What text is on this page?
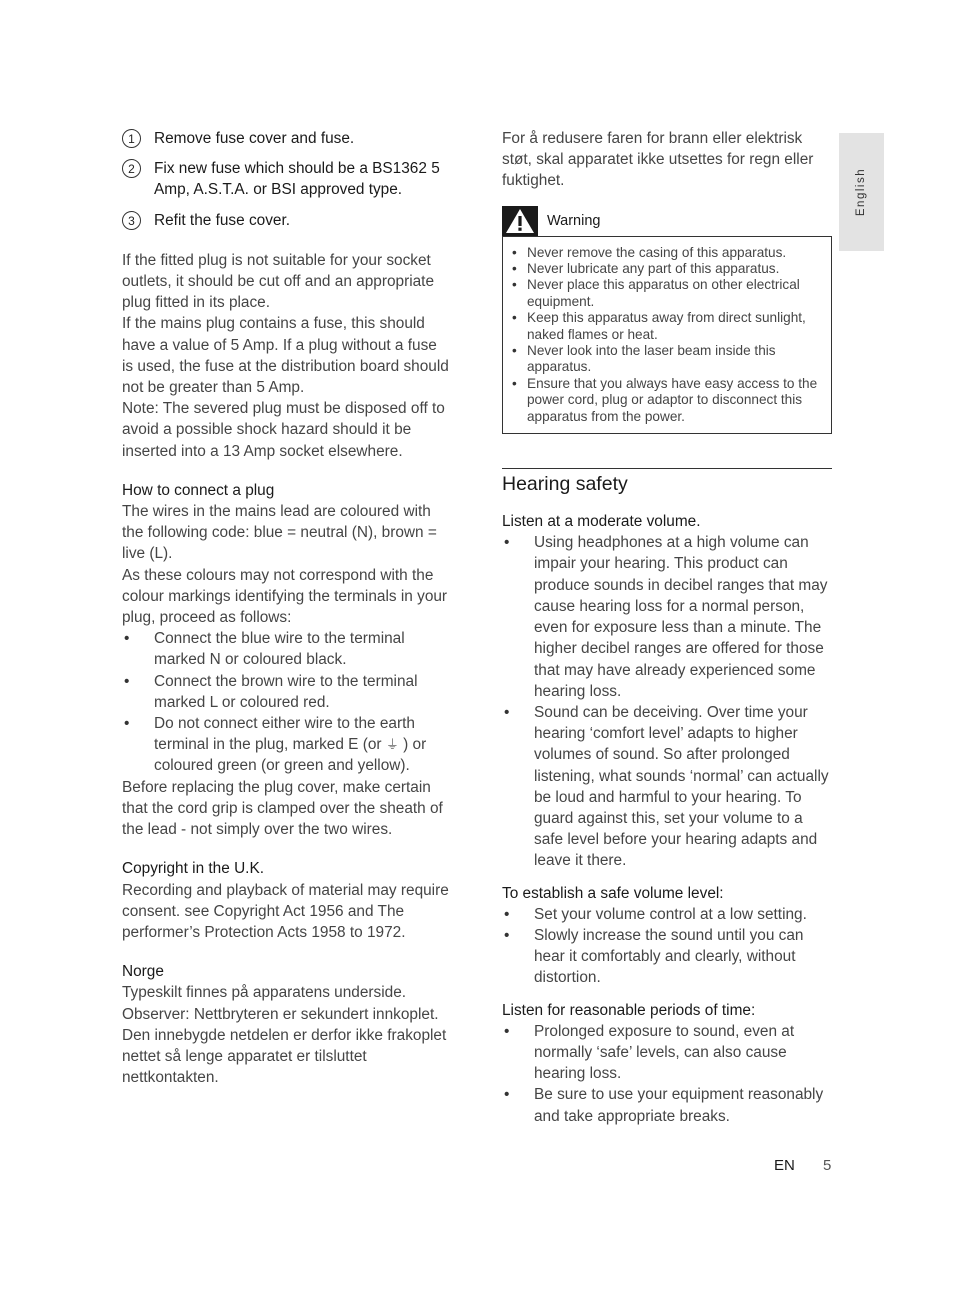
1	Remove fuse cover and fuse.
2	Fix new fuse which should be a BS1362 5 Amp, A.S.T.A. or BSI approved type.
3	Refit the fuse cover.

If the fitted plug is not suitable for your socket outlets, it should be cut off and an appropriate plug fitted in its place.

If the mains plug contains a fuse, this should have a value of 5 Amp. If a plug without a fuse is used, the fuse at the distribution board should not be greater than 5 Amp.

Note: The severed plug must be disposed off to avoid a possible shock hazard should it be inserted into a 13 Amp socket elsewhere.

How to connect a plug

The wires in the mains lead are coloured with the following code: blue = neutral (N), brown = live (L).

As these colours may not correspond with the colour markings identifying the terminals in your plug, proceed as follows:

• Connect the blue wire to the terminal marked N or coloured black.
• Connect the brown wire to the terminal marked L or coloured red.
• Do not connect either wire to the earth terminal in the plug, marked E (or ⏚ ) or coloured green (or green and yellow).

Before replacing the plug cover, make certain that the cord grip is clamped over the sheath of the lead - not simply over the two wires.

Copyright in the U.K.

Recording and playback of material may require consent. see Copyright Act 1956 and The performer’s Protection Acts 1958 to 1972.

Norge

Typeskilt finnes på apparatens underside.

Observer: Nettbryteren er sekundert innkoplet. Den innebygde netdelen er derfor ikke frakoplet nettet så lenge apparatet er tilsluttet nettkontakten.

For å redusere faren for brann eller elektrisk støt, skal apparatet ikke utsettes for regn eller fuktighet.

Warning
• Never remove the casing of this apparatus.
• Never lubricate any part of this apparatus.
• Never place this apparatus on other electrical equipment.
• Keep this apparatus away from direct sunlight, naked flames or heat.
• Never look into the laser beam inside this apparatus.
• Ensure that you always have easy access to the power cord, plug or adaptor to disconnect this apparatus from the power.
Hearing safety
Listen at a moderate volume.
• Using headphones at a high volume can impair your hearing. This product can produce sounds in decibel ranges that may cause hearing loss for a normal person, even for exposure less than a minute. The higher decibel ranges are offered for those that may have already experienced some hearing loss.
• Sound can be deceiving. Over time your hearing ‘comfort level’ adapts to higher volumes of sound. So after prolonged listening, what sounds ‘normal’ can actually be loud and harmful to your hearing. To guard against this, set your volume to a safe level before your hearing adapts and leave it there.
To establish a safe volume level:
• Set your volume control at a low setting.
• Slowly increase the sound until you can hear it comfortably and clearly, without distortion.
Listen for reasonable periods of time:
• Prolonged exposure to sound, even at normally ‘safe’ levels, can also cause hearing loss.
• Be sure to use your equipment reasonably and take appropriate breaks.
English
EN 5
